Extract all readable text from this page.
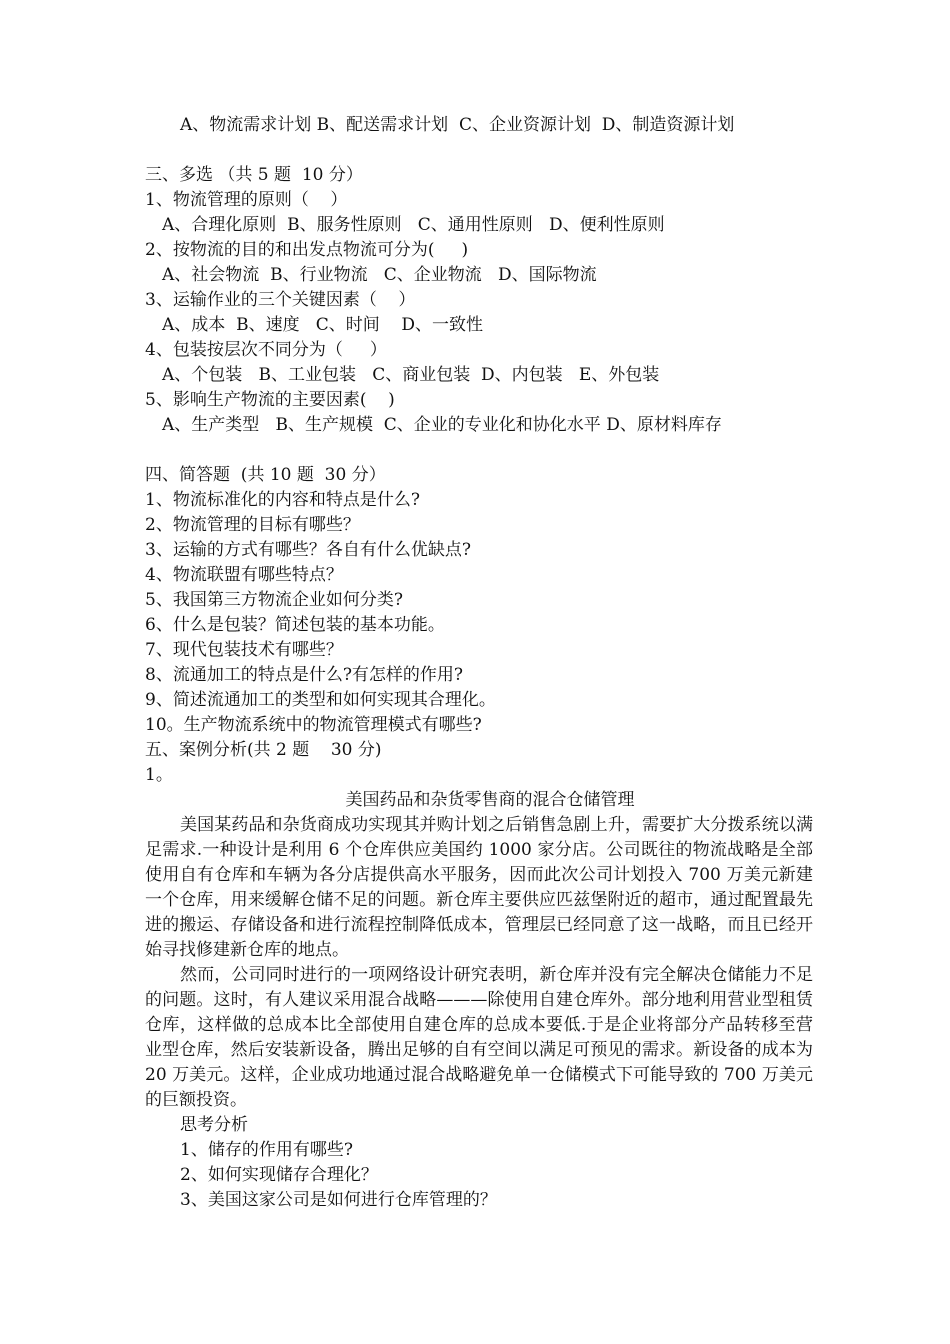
A、物流需求计划 B、配送需求计划  C、企业资源计划  D、制造资源计划
三、多选 （共 5 题  10 分）
1、物流管理的原则（    ）
A、合理化原则  B、服务性原则   C、通用性原则   D、便利性原则
2、按物流的目的和出发点物流可分为(     )
A、社会物流  B、行业物流   C、企业物流   D、国际物流
3、运输作业的三个关键因素（    ）
A、成本  B、速度   C、时间    D、一致性
4、包装按层次不同分为（     ）
A、个包装   B、工业包装   C、商业包装  D、内包装   E、外包装
5、影响生产物流的主要因素(    )
A、生产类型   B、生产规模  C、企业的专业化和协化水平 D、原材料库存
四、简答题  (共 10 题  30 分）
1、物流标准化的内容和特点是什么?
2、物流管理的目标有哪些？
3、运输的方式有哪些？各自有什么优缺点?
4、物流联盟有哪些特点？
5、我国第三方物流企业如何分类?
6、什么是包装？简述包装的基本功能。
7、现代包装技术有哪些？
8、流通加工的特点是什么?有怎样的作用?
9、简述流通加工的类型和如何实现其合理化。
10。生产物流系统中的物流管理模式有哪些?
五、案例分析(共 2 题    30 分)
1。
美国药品和杂货零售商的混合仓储管理

美国某药品和杂货商成功实现其并购计划之后销售急剧上升，需要扩大分拨系统以满足需求.一种设计是利用 6 个仓库供应美国约 1000 家分店。公司既往的物流战略是全部使用自有仓库和车辆为各分店提供高水平服务，因而此次公司计划投入 700 万美元新建一个仓库，用来缓解仓储不足的问题。新仓库主要供应匹兹堡附近的超市，通过配置最先进的搬运、存储设备和进行流程控制降低成本，管理层已经同意了这一战略，而且已经开始寻找修建新仓库的地点。

然而，公司同时进行的一项网络设计研究表明，新仓库并没有完全解决仓储能力不足的问题。这时，有人建议采用混合战略———除使用自建仓库外。部分地利用营业型租赁仓库，这样做的总成本比全部使用自建仓库的总成本要低.于是企业将部分产品转移至营业型仓库，然后安装新设备，腾出足够的自有空间以满足可预见的需求。新设备的成本为 20 万美元。这样，企业成功地通过混合战略避免单一仓储模式下可能导致的 700 万美元的巨额投资。

思考分析
1、储存的作用有哪些?
2、如何实现储存合理化？
3、美国这家公司是如何进行仓库管理的？
